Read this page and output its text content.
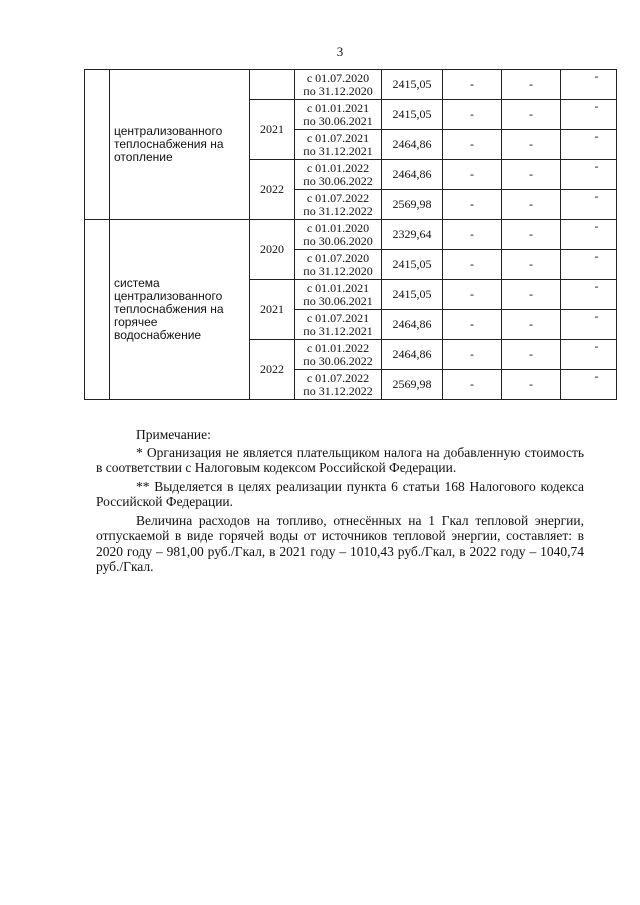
3
	централизованного теплоснабжения на отопление		с 01.07.2020
по 31.12.2020	2415,05	-	-	-
		2021	с 01.01.2021
по 30.06.2021	2415,05	-	-	-

			с 01.07.2021
по 31.12.2021	2464,86	-	-	-
		2022	с 01.01.2022
по 30.06.2022	2464,86	-	-	-

			с 01.07.2022
по 31.12.2022	2569,98	-	-	-
	система централизованного теплоснабжения на горячее водоснабжение	2020	с 01.01.2020
по 30.06.2020	2329,64	-	-	-

			с 01.07.2020
по 31.12.2020	2415,05	-	-	-
		2021	с 01.01.2021
по 30.06.2021	2415,05	-	-	-

			с 01.07.2021
по 31.12.2021	2464,86	-	-	-
		2022	с 01.01.2022
по 30.06.2022	2464,86	-	-	-

			с 01.07.2022
по 31.12.2022	2569,98	-	-	-

Примечание:

* Организация не является плательщиком налога на добавленную стоимость в соответствии с Налоговым кодексом Российской Федерации.

** Выделяется в целях реализации пункта 6 статьи 168 Налогового кодекса Российской Федерации.

Величина расходов на топливо, отнесённых на 1 Гкал тепловой энергии, отпускаемой в виде горячей воды от источников тепловой энергии, составляет: в 2020 году – 981,00 руб./Гкал, в 2021 году – 1010,43 руб./Гкал, в 2022 году – 1040,74 руб./Гкал.
